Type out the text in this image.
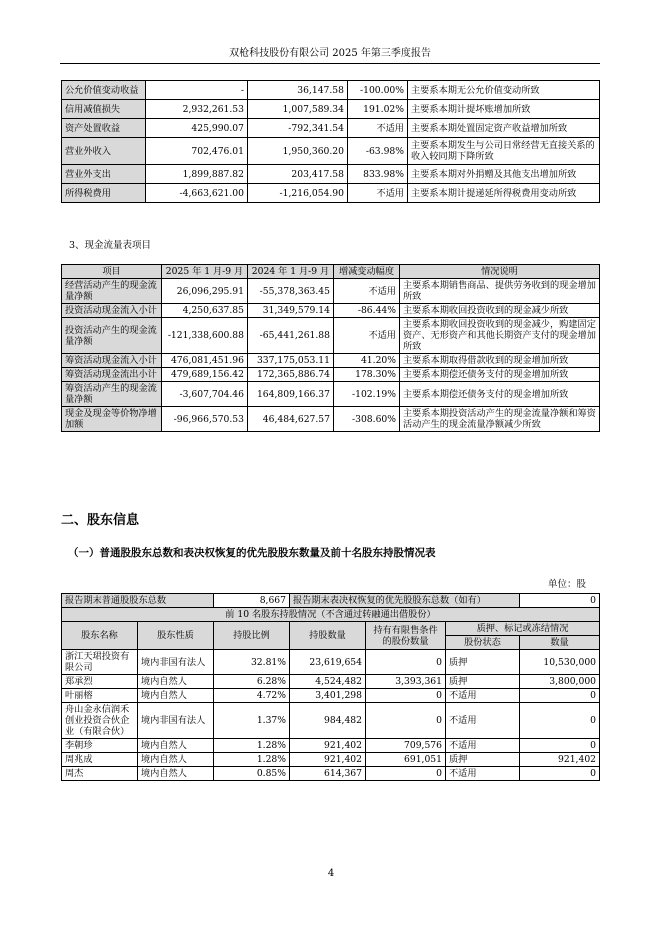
双枪科技股份有限公司 2025 年第三季度报告
公允价值变动收益	-	36,147.58	-100.00%	主要系本期无公允价值变动所致
信用减值损失	2,932,261.53	1,007,589.34	191.02%	主要系本期计提坏账增加所致
资产处置收益	425,990.07	-792,341.54	不适用	主要系本期处置固定资产收益增加所致
营业外收入	702,476.01	1,950,360.20	-63.98%	主要系本期发生与公司日常经营无直接关系的收入较同期下降所致
营业外支出	1,899,887.82	203,417.58	833.98%	主要系本期对外捐赠及其他支出增加所致
所得税费用	-4,663,621.00	-1,216,054.90	不适用	主要系本期计提递延所得税费用变动所致
3、现金流量表项目
项目	2025 年 1 月-9 月	2024 年 1 月-9 月	增减变动幅度	情况说明
经营活动产生的现金流量净额	26,096,295.91	-55,378,363.45	不适用	主要系本期销售商品、提供劳务收到的现金增加所致
投资活动现金流入小计	4,250,637.85	31,349,579.14	-86.44%	主要系本期收回投资收到的现金减少所致
投资活动产生的现金流量净额	-121,338,600.88	-65,441,261.88	不适用	主要系本期收回投资收到的现金减少，购建固定资产、无形资产和其他长期资产支付的现金增加所致
筹资活动现金流入小计	476,081,451.96	337,175,053.11	41.20%	主要系本期取得借款收到的现金增加所致
筹资活动现金流出小计	479,689,156.42	172,365,886.74	178.30%	主要系本期偿还债务支付的现金增加所致
筹资活动产生的现金流量净额	-3,607,704.46	164,809,166.37	-102.19%	主要系本期偿还债务支付的现金增加所致
现金及现金等价物净增加额	-96,966,570.53	46,484,627.57	-308.60%	主要系本期投资活动产生的现金流量净额和筹资活动产生的现金流量净额减少所致
二、股东信息
（一）普通股股东总数和表决权恢复的优先股股东数量及前十名股东持股情况表
单位：股
报告期末普通股股东总数		8,667	报告期末表决权恢复的优先股股东总数（如有）			0
前 10 名股东持股情况（不含通过转融通出借股份）						
股东名称	股东性质	持股比例	持股数量	持有有限售条件的股份数量	质押、标记或冻结情况	
					股份状态	数量
浙江天珺投资有限公司	境内非国有法人	32.81%	23,619,654	0	质押	10,530,000
郑承烈	境内自然人	6.28%	4,524,482	3,393,361	质押	3,800,000
叶丽榕	境内自然人	4.72%	3,401,298	0	不适用	0
舟山金永信润禾创业投资合伙企业（有限合伙）	境内非国有法人	1.37%	984,482	0	不适用	0
李朝珍	境内自然人	1.28%	921,402	709,576	不适用	0
周兆成	境内自然人	1.28%	921,402	691,051	质押	921,402
周杰	境内自然人	0.85%	614,367	0	不适用	0
4
